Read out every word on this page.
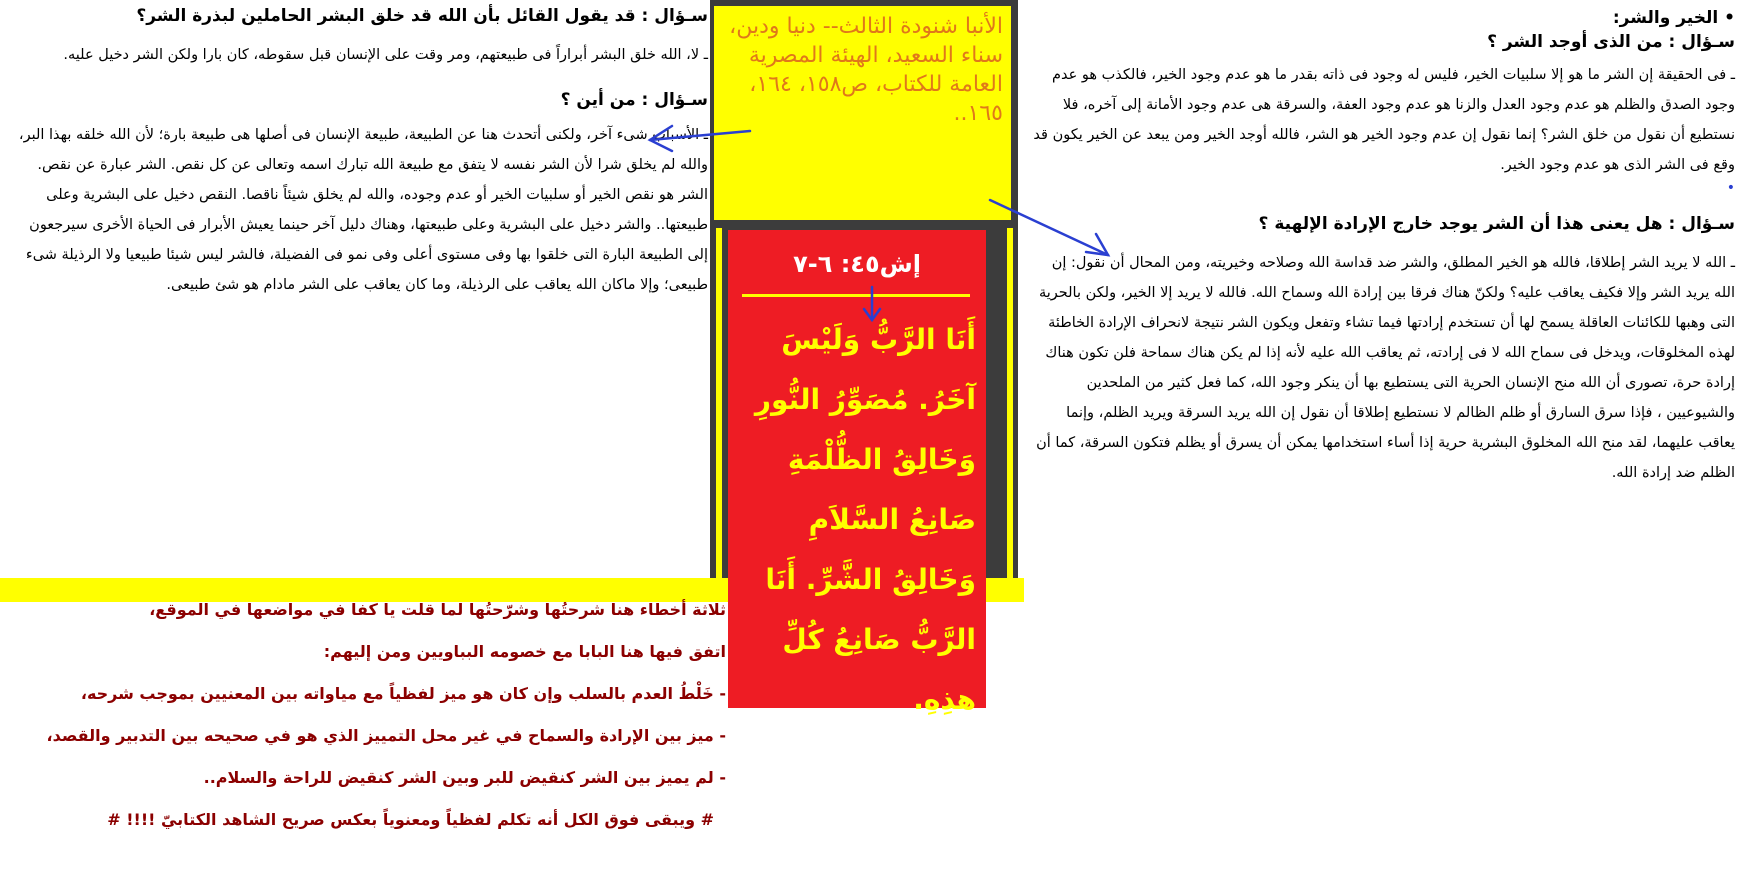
• الخير والشر:
سـؤال : من الذى أوجد الشر ؟

ـ فى الحقيقة إن الشر ما هو إلا سلبيات الخير، فليس له وجود فى ذاته بقدر ما هو عدم وجود الخير، فالكذب هو عدم وجود الصدق والظلم هو عدم وجود العدل والزنا هو عدم وجود العفة، والسرقة هى عدم وجود الأمانة إلى آخره، فلا نستطيع أن نقول من خلق الشر؟ إنما نقول إن عدم وجود الخير هو الشر، فالله أوجد الخير ومن يبعد عن الخير يكون قد وقع فى الشر الذى هو عدم وجود الخير.

•
سـؤال : هل يعنى هذا أن الشر يوجد خارج الإرادة الإلهية ؟

ـ الله لا يريد الشر إطلاقا، فالله هو الخير المطلق، والشر ضد قداسة الله وصلاحه وخيريته، ومن المحال أن نقول: إن الله يريد الشر وإلا فكيف يعاقب عليه؟ ولكنّ هناك فرقا بين إرادة الله وسماح الله. فالله لا يريد إلا الخير، ولكن بالحرية التى وهبها للكائنات العاقلة يسمح لها أن تستخدم إرادتها فيما تشاء وتفعل ويكون الشر نتيجة لانحراف الإرادة الخاطئة لهذه المخلوقات، ويدخل فى سماح الله لا فى إرادته، ثم يعاقب الله عليه لأنه إذا لم يكن هناك سماحة فلن تكون هناك إرادة حرة، تصورى أن الله منح الإنسان الحرية التى يستطيع بها أن ينكر وجود الله، كما فعل كثير من الملحدين والشيوعيين ، فإذا سرق السارق أو ظلم الظالم لا نستطيع إطلاقا أن نقول إن الله يريد السرقة ويريد الظلم، وإنما يعاقب عليهما، لقد منح الله المخلوق البشرية حرية إذا أساء استخدامها يمكن أن يسرق أو يظلم فتكون السرقة، كما أن الظلم ضد إرادة الله.

سـؤال : قد يقول القائل بأن الله قد خلق البشر الحاملين لبذرة الشر؟

ـ لا، الله خلق البشر أبراراً فى طبيعتهم، ومر وقت على الإنسان قبل سقوطه، كان بارا ولكن الشر دخيل عليه.

سـؤال : من أين ؟

ـ الأسباب شىء آخر، ولكنى أتحدث هنا عن الطبيعة، طبيعة الإنسان فى أصلها هى طبيعة بارة؛ لأن الله خلقه بهذا البر، والله لم يخلق شرا لأن الشر نفسه لا يتفق مع طبيعة الله تبارك اسمه وتعالى عن كل نقص. الشر عبارة عن نقص. الشر هو نقص الخير أو سلبيات الخير أو عدم وجوده، والله لم يخلق شيئاً ناقصا. النقص دخيل على البشرية وعلى طبيعتها.. والشر دخيل على البشرية وعلى طبيعتها، وهناك دليل آخر حينما يعيش الأبرار فى الحياة الأخرى سيرجعون إلى الطبيعة البارة التى خلقوا بها وفى مستوى أعلى وفى نمو فى الفضيلة، فالشر ليس شيئا طبيعيا ولا الرذيلة شىء طبيعى؛ وإلا ماكان الله يعاقب على الرذيلة، وما كان يعاقب على الشر مادام هو شئ طبيعى.

الأنبا شنودة الثالث-- دنيا ودين، سناء السعيد، الهيئة المصرية العامة للكتاب، ص١٥٨، ١٦٤، ١٦٥..

إش٤٥: ٦-٧
أَنَا الرَّبُّ وَلَيْسَ آخَرُ. مُصَوِّرُ النُّورِ وَخَالِقُ الظُّلْمَةِ صَانِعُ السَّلاَمِ وَخَالِقُ الشَّرِّ. أَنَا الرَّبُّ صَانِعُ كُلِّ هذِهِ.

ثلاثة أخطاء هنا شرحتُها وشرّحتُها لما قلت يا كفا في مواضعها في الموقع،

اتفق فيها هنا البابا مع خصومه البباويين ومن إليهم:

- خَلْطُ العدم بالسلب وإن كان هو ميز لفظياً مع مياواته بين المعنيين بموجب شرحه،

- ميز بين الإرادة والسماح في غير محل التمييز الذي هو في صحيحه بين التدبير والقصد،

- لم يميز بين الشر كنقيض للبر وبين الشر كنقيض للراحة والسلام..

# ويبقى فوق الكل أنه تكلم لفظياً ومعنوياً بعكس صريح الشاهد الكتابيّ !!!! #
